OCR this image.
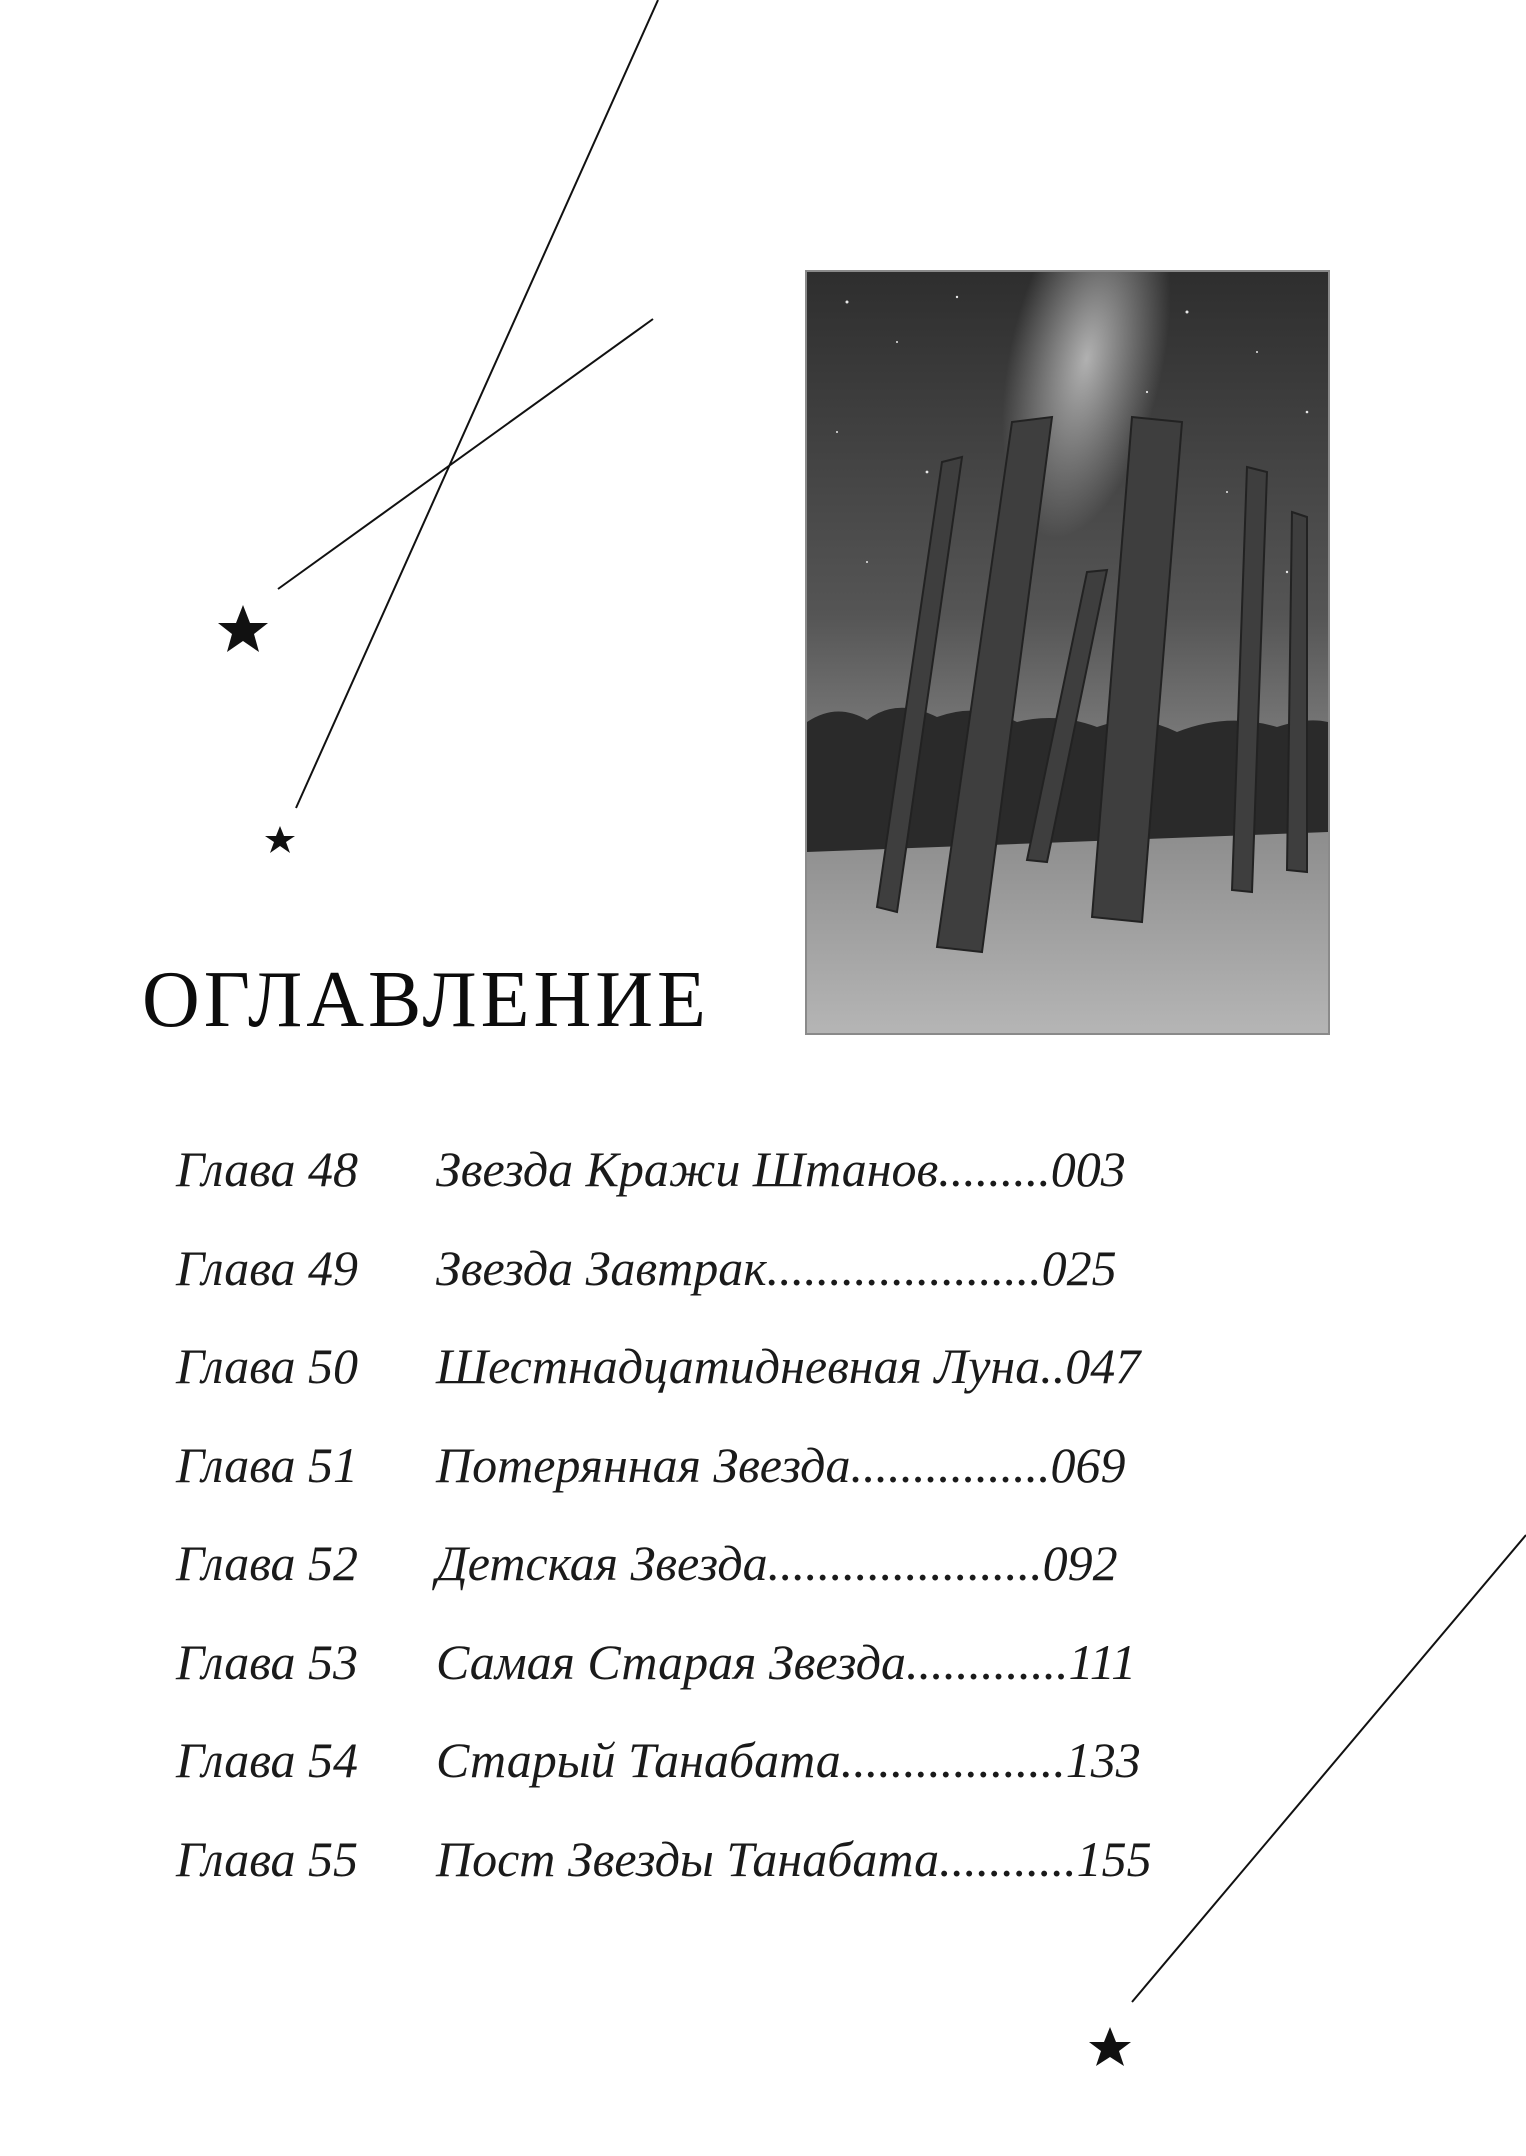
ОГЛАВЛЕНИЕ
Глава 48 Звезда Кражи Штанов.........003
Глава 49 Звезда Завтрак......................025
Глава 50 Шестнадцатидневная Луна..047
Глава 51 Потерянная Звезда................069
Глава 52 Детская Звезда......................092
Глава 53 Самая Старая Звезда.............111
Глава 54 Старый Танабата..................133
Глава 55 Пост Звезды Танабата...........155
